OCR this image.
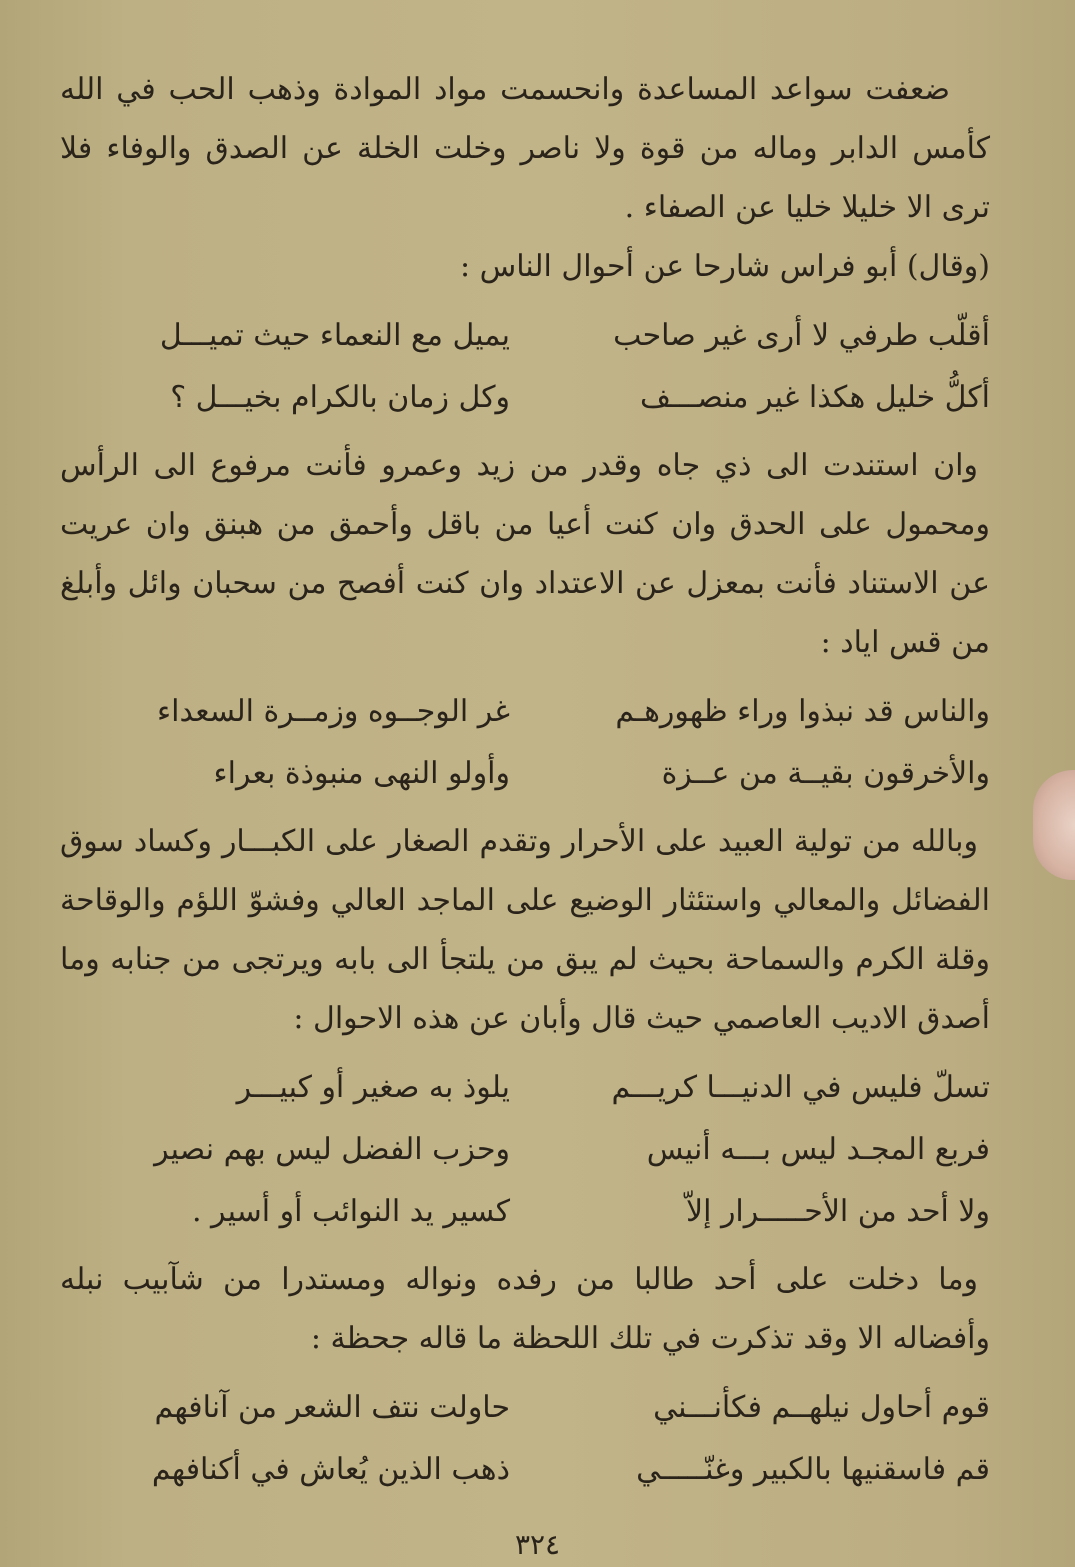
ضعفت سواعد المساعدة وانحسمت مواد الموادة وذهب الحب في الله كأمس الدابر وماله من قوة ولا ناصر وخلت الخلة عن الصدق والوفاء فلا ترى الا خليلا خليا عن الصفاء .

(وقال) أبو فراس شارحا عن أحوال الناس :

أقلّب طرفي لا أرى غير صاحب
يميل مع النعماء حيث تميـــل
أكلُّ خليل هكذا غير منصـــف
وكل زمان بالكرام بخيـــل ؟

وان استندت الى ذي جاه وقدر من زيد وعمرو فأنت مرفوع الى الرأس ومحمول على الحدق وان كنت أعيا من باقل وأحمق من هبنق وان عريت عن الاستناد فأنت بمعزل عن الاعتداد وان كنت أفصح من سحبان وائل وأبلغ من قس اياد :

والناس قد نبذوا وراء ظهورهـم
غر الوجــوه وزمــرة السعداء
والأخرقون بقيــة من عــزة
وأولو النهى منبوذة بعراء

وبالله من تولية العبيد على الأحرار وتقدم الصغار على الكبـــار وكساد سوق الفضائل والمعالي واستئثار الوضيع على الماجد العالي وفشوّ اللؤم والوقاحة وقلة الكرم والسماحة بحيث لم يبق من يلتجأ الى بابه ويرتجى من جنابه وما أصدق الاديب العاصمي حيث قال وأبان عن هذه الاحوال :

تسلّ فليس في الدنيـــا كريـــم
يلوذ به صغير أو كبيـــر
فربع المجـد ليس بـــه أنيس
وحزب الفضل ليس بهم نصير
ولا أحد من الأحـــــرار إلاّ
كسير يد النوائب أو أسير .

وما دخلت على أحد طالبا من رفده ونواله ومستدرا من شآبيب نبله وأفضاله الا وقد تذكرت في تلك اللحظة ما قاله جحظة :

قوم أحاول نيلهــم فكأنـــني
حاولت نتف الشعر من آنافهم
قم فاسقنيها بالكبير وغنّـــــي
ذهب الذين يُعاش في أكنافهم
٣٢٤
